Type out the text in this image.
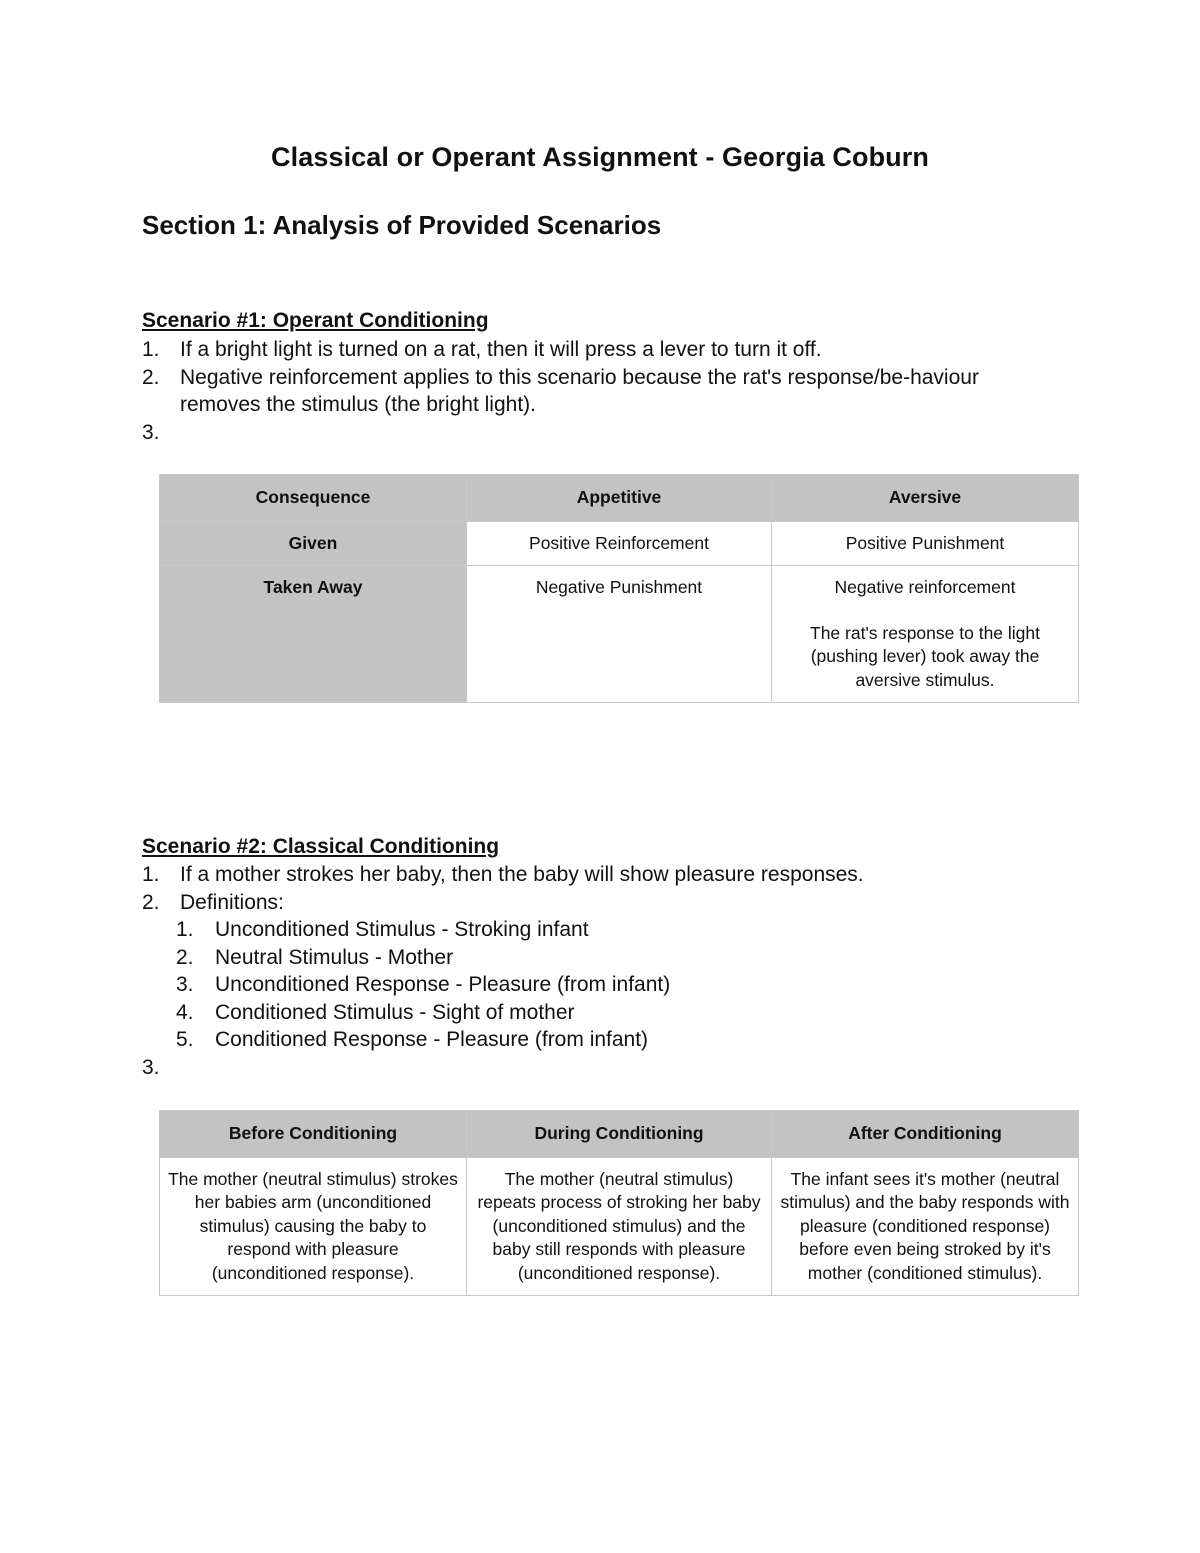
Classical or Operant Assignment - Georgia Coburn
Section 1: Analysis of Provided Scenarios
Scenario #1: Operant Conditioning
1. If a bright light is turned on a rat, then it will press a lever to turn it off.
2. Negative reinforcement applies to this scenario because the rat's response/be-haviour removes the stimulus (the bright light).
3.
Consequence	Appetitive	Aversive
Given	Positive Reinforcement	Positive Punishment
Taken Away	Negative Punishment	Negative reinforcement
The rat's response to the light (pushing lever) took away the aversive stimulus.
Scenario #2: Classical Conditioning
1. If a mother strokes her baby, then the baby will show pleasure responses.
2. Definitions:
1. Unconditioned Stimulus - Stroking infant
2. Neutral Stimulus - Mother
3. Unconditioned Response - Pleasure (from infant)
4. Conditioned Stimulus - Sight of mother
5. Conditioned Response - Pleasure (from infant)
3.
Before Conditioning	During Conditioning	After Conditioning
The mother (neutral stimulus) strokes her babies arm (unconditioned stimulus) causing the baby to respond with pleasure (unconditioned response).	The mother (neutral stimulus) repeats process of stroking her baby (unconditioned stimulus) and the baby still responds with pleasure (unconditioned response).	The infant sees it's mother (neutral stimulus) and the baby responds with pleasure (conditioned response) before even being stroked by it's mother (conditioned stimulus).
